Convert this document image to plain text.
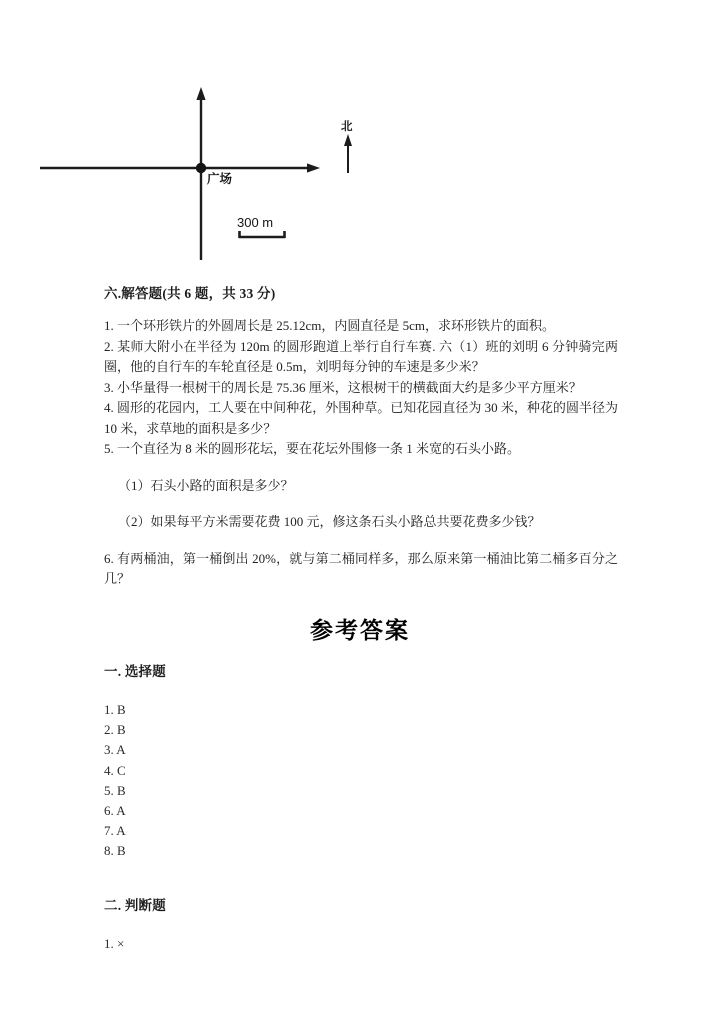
广场
北
300 m
六.解答题(共 6 题，共 33 分)

1. 一个环形铁片的外圆周长是 25.12cm，内圆直径是 5cm，求环形铁片的面积。

2. 某师大附小在半径为 120m 的圆形跑道上举行自行车赛. 六（1）班的刘明 6 分钟骑完两圈，他的自行车的车轮直径是 0.5m，刘明每分钟的车速是多少米？

3. 小华量得一根树干的周长是 75.36 厘米，这根树干的横截面大约是多少平方厘米？

4. 圆形的花园内，工人要在中间种花，外围种草。已知花园直径为 30 米，种花的圆半径为 10 米，求草地的面积是多少？

5. 一个直径为 8 米的圆形花坛，要在花坛外围修一条 1 米宽的石头小路。

（1）石头小路的面积是多少？

（2）如果每平方米需要花费 100 元，修这条石头小路总共要花费多少钱？

6. 有两桶油，第一桶倒出 20%，就与第二桶同样多，那么原来第一桶油比第二桶多百分之几？

参考答案
一. 选择题

1. B

2. B

3. A

4. C

5. B

6. A

7. A

8. B

二. 判断题

1. ×
